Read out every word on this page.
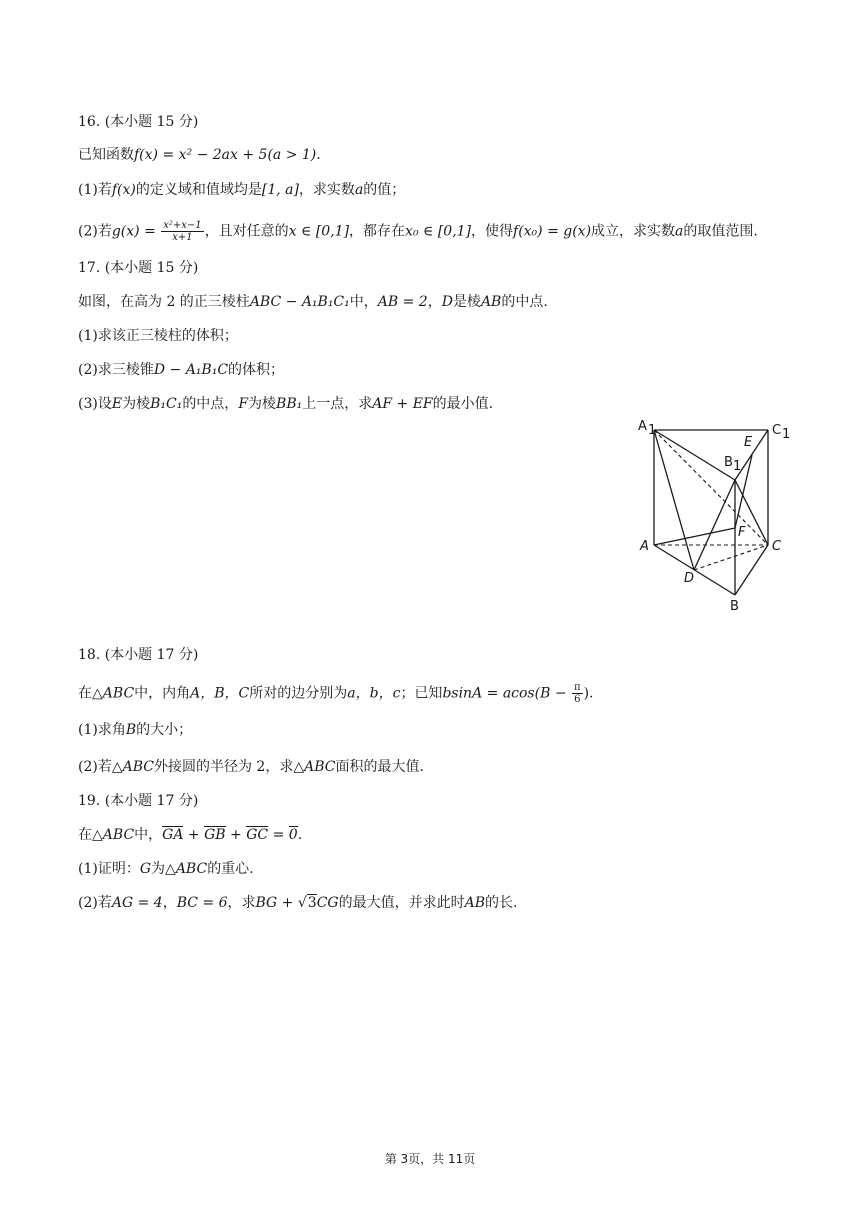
16. (本小题 15 分)
已知函数f(x) = x² − 2ax + 5(a > 1).
(1)若f(x)的定义域和值域均是[1, a]，求实数a的值；
(2)若$g(x) = \frac{\text{x²+x−1}}{x+1}$ ，且对任意的x ∈ [0,1]，都存在x₀ ∈ [0,1]，使得f(x₀) = g(x)成立，求实数a的取值范围.
17. (本小题 15 分)
如图，在高为 2 的正三棱柱ABC − A₁B₁C₁中，AB = 2，D是棱AB的中点.
(1)求该正三棱柱的体积；
(2)求三棱锥D − A₁B₁C的体积；
(3)设E为棱B₁C₁的中点，F为棱BB₁上一点，求AF + EF的最小值.
A 1	C 1
B 1
E
F
A	C
D
B
18. (本小题 17 分)
在△ABC中，内角A，B，C所对的边分别为a，b，c；已知$bsinA = acos(B - \frac{\pi}{6}$ ).
(1)求角B的大小；
(2)若△ABC外接圆的半径为 2，求△ABC面积的最大值.
19. (本小题 17 分)
在△ABC中，GA + GB + GC = 0.
(1)证明：G为△ABC的重心.
(2)若AG = 4，BC = 6，求BG + √3CG的最大值，并求此时AB的长.
第 3页，共 11页
